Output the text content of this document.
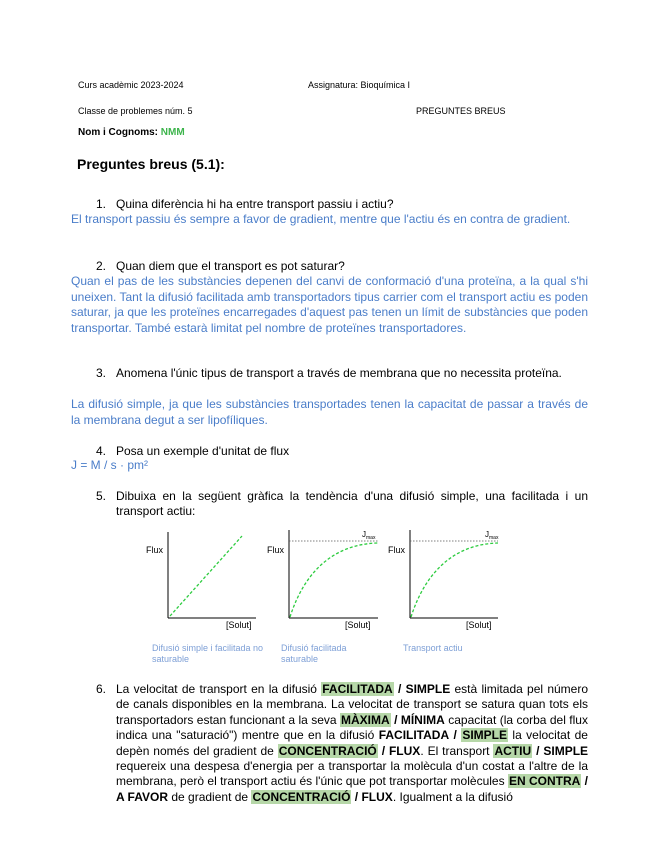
Curs acadèmic 2023-2024	Assignatura: Bioquímica I
Classe de problemes núm. 5	PREGUNTES BREUS
Nom i Cognoms: NMM
Preguntes breus (5.1):
1. Quina diferència hi ha entre transport passiu i actiu?
El transport passiu és sempre a favor de gradient, mentre que l'actiu és en contra de gradient.
2. Quan diem que el transport es pot saturar?
Quan el pas de les substàncies depenen del canvi de conformació d'una proteïna, a la qual s'hi uneixen. Tant la difusió facilitada amb transportadors tipus carrier com el transport actiu es poden saturar, ja que les proteïnes encarregades d'aquest pas tenen un límit de substàncies que poden transportar. També estarà limitat pel nombre de proteïnes transportadores.
3. Anomena l'únic tipus de transport a través de membrana que no necessita proteïna.
La difusió simple, ja que les substàncies transportades tenen la capacitat de passar a través de la membrana degut a ser lipofíliques.
4. Posa un exemple d'unitat de flux
J = M / s · pm²
5. Dibuixa en la següent gràfica la tendència d'una difusió simple, una facilitada i un transport actiu:
Flux
[Solut]
Flux
$J_{max}$
[Solut]
Flux
$J_{max}$
[Solut]
Difusió simple i facilitada no saturable
Difusió facilitada saturable
Transport actiu
6. La velocitat de transport en la difusió FACILITADA / SIMPLE està limitada pel número de canals disponibles en la membrana. La velocitat de transport se satura quan tots els transportadors estan funcionant a la seva MÀXIMA / MÍNIMA capacitat (la corba del flux indica una "saturació") mentre que en la difusió FACILITADA / SIMPLE la velocitat de depèn només del gradient de CONCENTRACIÓ / FLUX. El transport ACTIU / SIMPLE requereix una despesa d'energia per a transportar la molècula d'un costat a l'altre de la membrana, però el transport actiu és l'únic que pot transportar molècules EN CONTRA / A FAVOR de gradient de CONCENTRACIÓ / FLUX. Igualment a la difusió
